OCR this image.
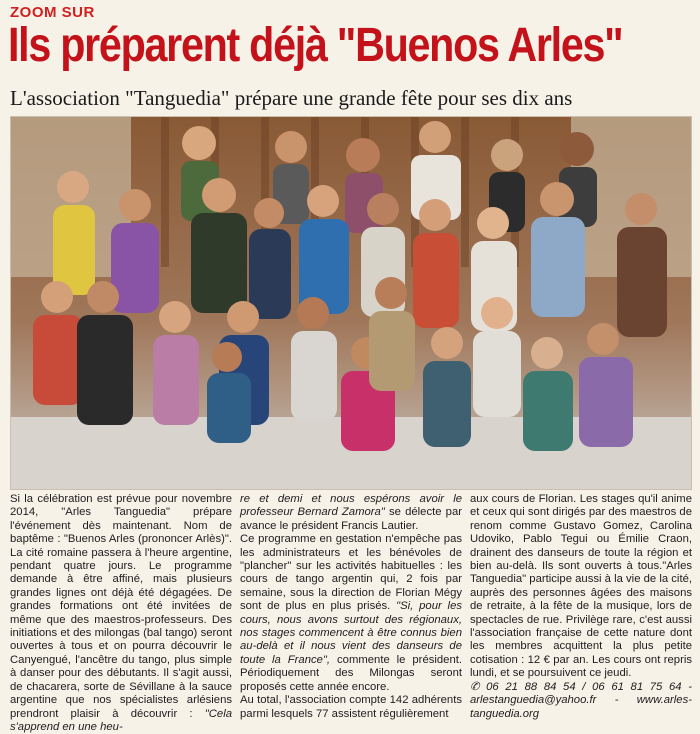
ZOOM SUR
Ils préparent déjà "Buenos Arles"
L'association "Tanguedia" prépare une grande fête pour ses dix ans

Si la célébration est prévue pour novembre 2014, "Arles Tanguedia" prépare l'événement dès maintenant. Nom de baptême : "Buenos Arles (prononcer Arlès)". La cité romaine passera à l'heure argentine, pendant quatre jours. Le programme demande à être affiné, mais plusieurs grandes lignes ont déjà été dégagées. De grandes formations ont été invitées de même que des maestros-professeurs. Des initiations et des milongas (bal tango) seront ouvertes à tous et on pourra découvrir le Canyengué, l'ancêtre du tango, plus simple à danser pour des débutants. Il s'agit aussi, de chacarera, sorte de Sévillane à la sauce argentine que nos spécialistes arlésiens prendront plaisir à découvrir : "Cela s'apprend en une heu-

re et demi et nous espérons avoir le professeur Bernard Zamora" se délecte par avance le président Francis Lautier.

Ce programme en gestation n'empêche pas les administrateurs et les bénévoles de "plancher" sur les activités habituelles : les cours de tango argentin qui, 2 fois par semaine, sous la direction de Florian Mégy sont de plus en plus prisés. "Si, pour les cours, nous avons surtout des régionaux, nos stages commencent à être connus bien au-delà et il nous vient des danseurs de toute la France", commente le président. Périodiquement des Milongas seront proposés cette année encore.

Au total, l'association compte 142 adhérents parmi lesquels 77 assistent régulièrement

aux cours de Florian. Les stages qu'il anime et ceux qui sont dirigés par des maestros de renom comme Gustavo Gomez, Carolina Udoviko, Pablo Tegui ou Émilie Craon, drainent des danseurs de toute la région et bien au-delà. Ils sont ouverts à tous."Arles Tanguedia" participe aussi à la vie de la cité, auprès des personnes âgées des maisons de retraite, à la fête de la musique, lors de spectacles de rue. Privilège rare, c'est aussi l'association française de cette nature dont les membres acquittent la plus petite cotisation : 12 € par an. Les cours ont repris lundi, et se poursuivent ce jeudi.

✆ 06 21 88 84 54 / 06 61 81 75 64 - arlestanguedia@yahoo.fr - www.arles-tanguedia.org
